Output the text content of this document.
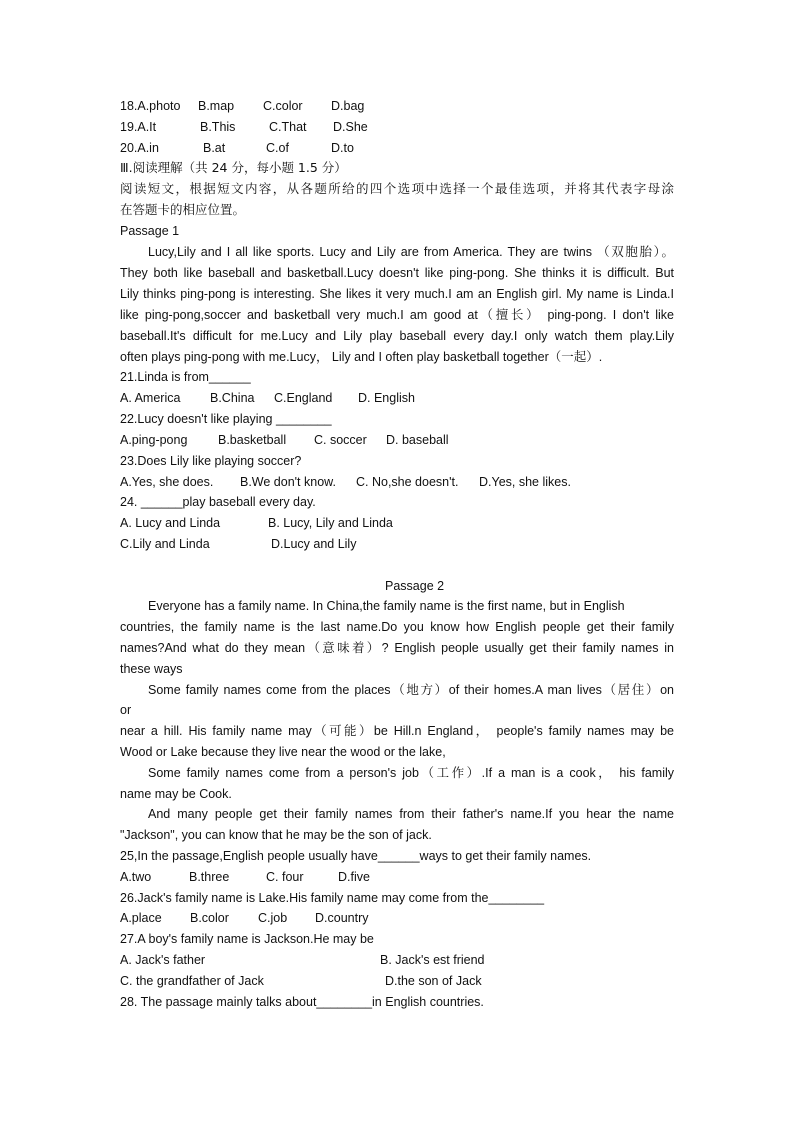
18.A.photo B.map C.color D.bag
19.A.It	B.This	C.That D.She
20.A.in	B.at	C.of	D.to
Ⅲ.阅读理解（共 24 分，每小题 1.5 分）
阅读短文，根据短文内容，从各题所给的四个选项中选择一个最佳选项，并将其代表字母涂
在答题卡的相应位置。
Passage 1
Lucy,Lily and I all like sports. Lucy and Lily are from America. They are twins （双胞胎）。
They both like baseball and basketball.Lucy doesn't like ping-pong. She thinks it is difficult. But
Lily thinks ping-pong is interesting. She likes it very much.I am an English girl. My name is Linda.I
like ping-pong,soccer and basketball very much.I am good at（擅长） ping-pong. I don't like
baseball.It's difficult for me.Lucy and Lily play baseball every day.I only watch them play.Lily
often plays ping-pong with me.Lucy， Lily and I often play basketball together（一起）.
21.Linda is from______
A. America B.China C.England D. English
22.Lucy doesn't like playing ________
A.ping-pong B.basketball C. soccer D. baseball
23.Does Lily like playing soccer?
A.Yes, she does. B.We don't know. C. No,she doesn't. D.Yes, she likes.
24. ______play baseball every day.
A. Lucy and Linda	B. Lucy, Lily and Linda
C.Lily and Linda	D.Lucy and Lily
Passage 2
Everyone has a family name. In China,the family name is the first name, but in English
countries, the family name is the last name.Do you know how English people get their family
names?And what do they mean（意味着）? English people usually get their family names in
these ways
Some family names come from the places（地方）of their homes.A man lives（居住）on
or
near a hill. His family name may（可能）be Hill.n England， people's family names may be
Wood or Lake because they live near the wood or the lake,
Some family names come from a person's job（工作）.If a man is a cook， his family
name may be Cook.
And many people get their family names from their father's name.If you hear the name
"Jackson", you can know that he may be the son of jack.
25,In the passage,English people usually have______ways to get their family names.
A.two	B.three	C. four	D.five
26.Jack's family name is Lake.His family name may come from the________
A.place B.color C.job D.country
27.A boy's family name is Jackson.He may be
A. Jack's father	B. Jack's est friend
C. the grandfather of Jack	D.the son of Jack
28. The passage mainly talks about________in English countries.
